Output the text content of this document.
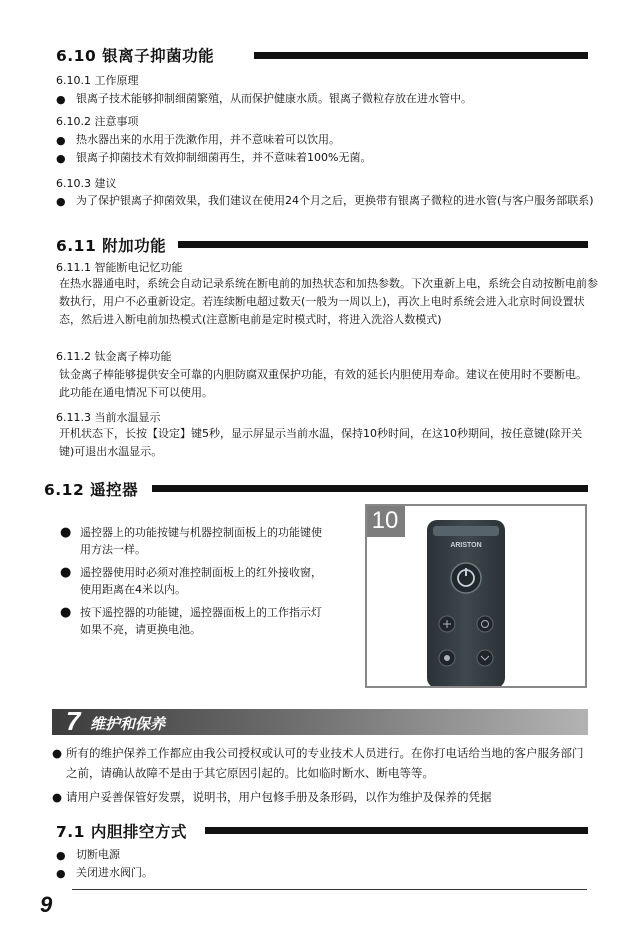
6.10 银离子抑菌功能
6.10.1 工作原理
● 银离子技术能够抑制细菌繁殖，从而保护健康水质。银离子微粒存放在进水管中。
6.10.2 注意事项
● 热水器出来的水用于洗漱作用，并不意味着可以饮用。
● 银离子抑菌技术有效抑制细菌再生，并不意味着100%无菌。
6.10.3 建议
● 为了保护银离子抑菌效果，我们建议在使用24个月之后，更换带有银离子微粒的进水管(与客户服务部联系)
6.11 附加功能
6.11.1 智能断电记忆功能
在热水器通电时，系统会自动记录系统在断电前的加热状态和加热参数。下次重新上电，系统会自动按断电前参数执行，用户不必重新设定。若连续断电超过数天(一般为一周以上)，再次上电时系统会进入北京时间设置状态，然后进入断电前加热模式(注意断电前是定时模式时，将进入洗浴人数模式)
6.11.2 钛金离子棒功能
钛金离子棒能够提供安全可靠的内胆防腐双重保护功能，有效的延长内胆使用寿命。建议在使用时不要断电。此功能在通电情况下可以使用。
6.11.3 当前水温显示
开机状态下，长按【设定】键5秒，显示屏显示当前水温，保持10秒时间，在这10秒期间，按任意键(除开关键)可退出水温显示。
6.12 遥控器
● 遥控器上的功能按键与机器控制面板上的功能键使用方法一样。
● 遥控器使用时必须对准控制面板上的红外接收窗，使用距离在4米以内。
● 按下遥控器的功能键，遥控器面板上的工作指示灯如果不亮，请更换电池。
10
ARISTON
7 维护和保养
● 所有的维护保养工作都应由我公司授权或认可的专业技术人员进行。在你打电话给当地的客户服务部门之前，请确认故障不是由于其它原因引起的。比如临时断水、断电等等。
● 请用户妥善保管好发票，说明书，用户包修手册及条形码，以作为维护及保养的凭据
7.1 内胆排空方式
● 切断电源
● 关闭进水阀门。
9
